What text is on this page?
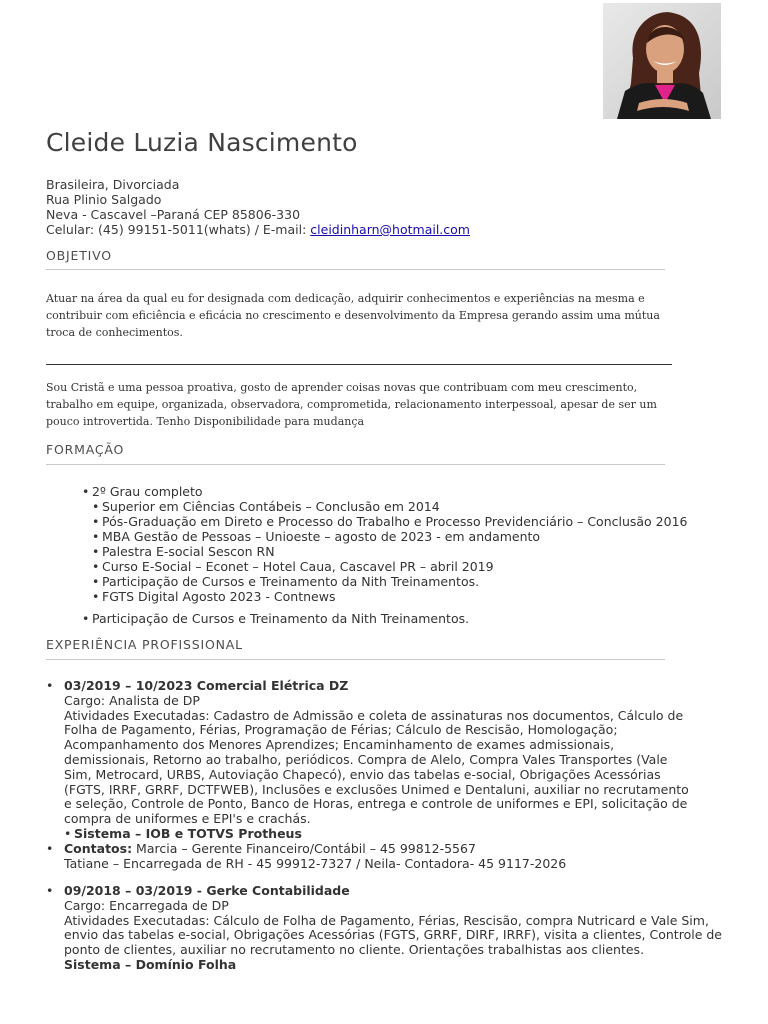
Cleide Luzia Nascimento
Brasileira, Divorciada
Rua Plinio Salgado
Neva - Cascavel –Paraná CEP 85806-330
Celular: (45) 99151-5011(whats) / E-mail: cleidinharn@hotmail.com
OBJETIVO
Atuar na área da qual eu for designada com dedicação, adquirir conhecimentos e experiências na mesma e
contribuir com eficiência e eficácia no crescimento e desenvolvimento da Empresa gerando assim uma mútua
troca de conhecimentos.
Sou Cristã e uma pessoa proativa, gosto de aprender coisas novas que contribuam com meu crescimento,
trabalho em equipe, organizada, observadora, comprometida, relacionamento interpessoal, apesar de ser um
pouco introvertida. Tenho Disponibilidade para mudança
FORMAÇÃO
• 2º Grau completo
• Superior em Ciências Contábeis – Conclusão em 2014
• Pós-Graduação em Direto e Processo do Trabalho e Processo Previdenciário – Conclusão 2016
• MBA Gestão de Pessoas – Unioeste – agosto de 2023 - em andamento
• Palestra E-social Sescon RN
• Curso E-Social – Econet – Hotel Caua, Cascavel PR – abril 2019
• Participação de Cursos e Treinamento da Nith Treinamentos.
• FGTS Digital Agosto 2023 - Contnews
• Participação de Cursos e Treinamento da Nith Treinamentos.
EXPERIÊNCIA PROFISSIONAL
• 03/2019 – 10/2023 Comercial Elétrica DZ
Cargo: Analista de DP
Atividades Executadas: Cadastro de Admissão e coleta de assinaturas nos documentos, Cálculo de
Folha de Pagamento, Férias, Programação de Férias; Cálculo de Rescisão, Homologação;
Acompanhamento dos Menores Aprendizes; Encaminhamento de exames admissionais,
demissionais, Retorno ao trabalho, periódicos. Compra de Alelo, Compra Vales Transportes (Vale
Sim, Metrocard, URBS, Autoviação Chapecó), envio das tabelas e-social, Obrigações Acessórias
(FGTS, IRRF, GRRF, DCTFWEB), Inclusões e exclusões Unimed e Dentaluni, auxiliar no recrutamento
e seleção, Controle de Ponto, Banco de Horas, entrega e controle de uniformes e EPI, solicitação de
compra de uniformes e EPI's e crachás.
• Sistema – IOB e TOTVS Protheus
• Contatos: Marcia – Gerente Financeiro/Contábil – 45 99812-5567
Tatiane – Encarregada de RH - 45 99912-7327 / Neila- Contadora- 45 9117-2026
• 09/2018 – 03/2019 - Gerke Contabilidade
Cargo: Encarregada de DP
Atividades Executadas: Cálculo de Folha de Pagamento, Férias, Rescisão, compra Nutricard e Vale Sim,
envio das tabelas e-social, Obrigações Acessórias (FGTS, GRRF, DIRF, IRRF), visita a clientes, Controle de
ponto de clientes, auxiliar no recrutamento no cliente. Orientações trabalhistas aos clientes.
Sistema – Domínio Folha
